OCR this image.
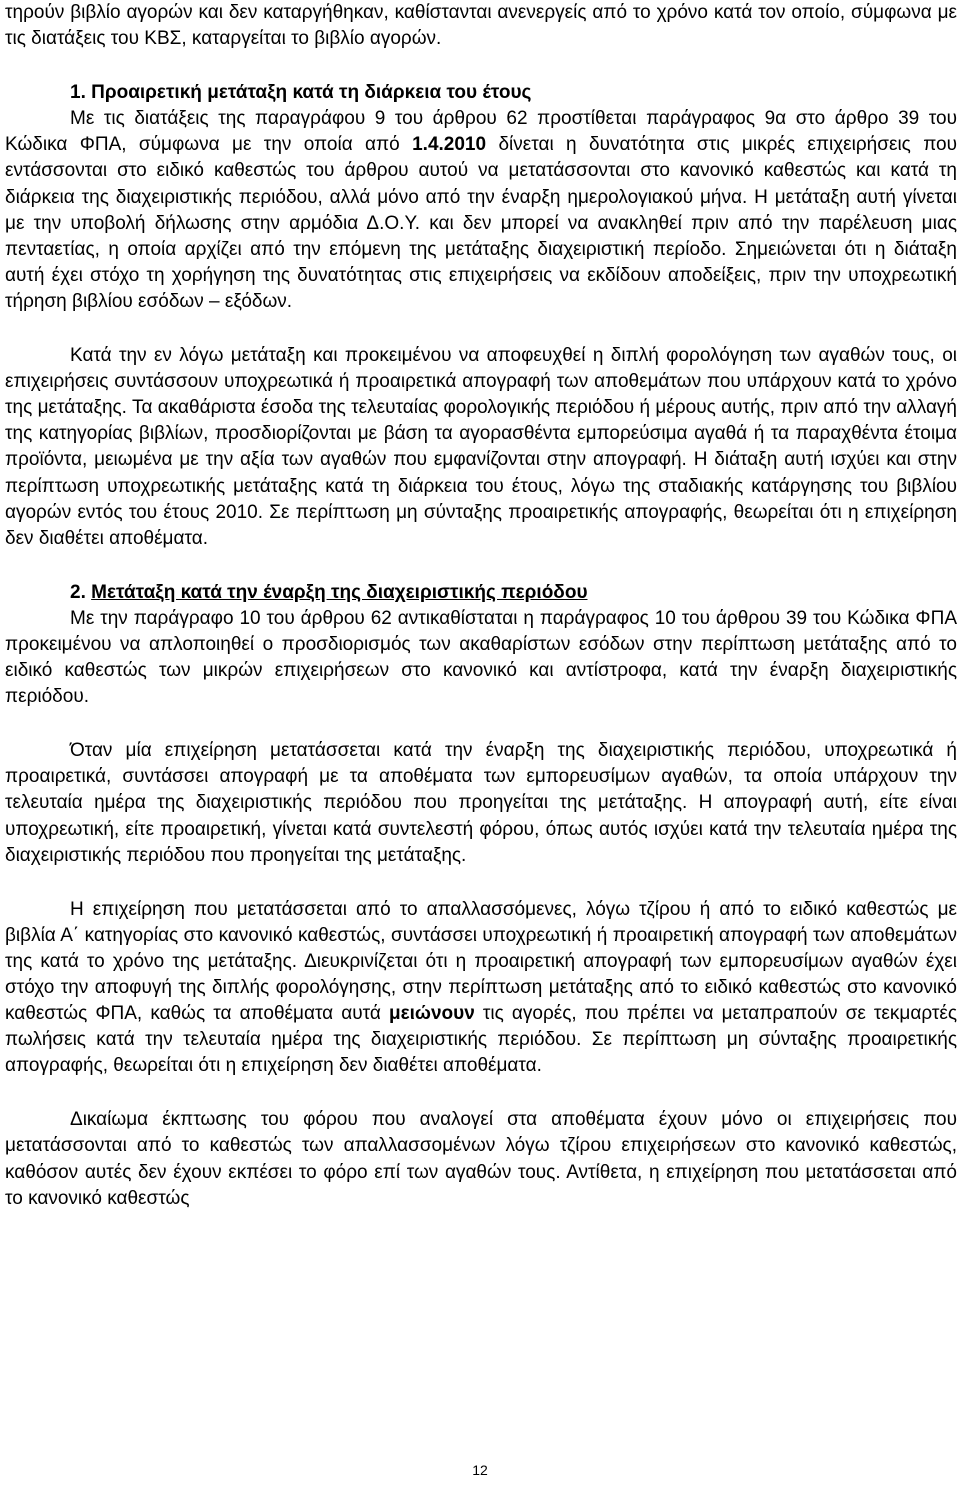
τηρούν βιβλίο αγορών και δεν καταργήθηκαν, καθίστανται ανενεργείς από το χρόνο κατά τον οποίο, σύμφωνα με τις διατάξεις του ΚΒΣ, καταργείται το βιβλίο αγορών.

1. Προαιρετική μετάταξη κατά τη διάρκεια του έτους

Με τις διατάξεις της παραγράφου 9 του άρθρου 62 προστίθεται παράγραφος 9α στο άρθρο 39 του Κώδικα ΦΠΑ, σύμφωνα με την οποία από 1.4.2010 δίνεται η δυνατότητα στις μικρές επιχειρήσεις που εντάσσονται στο ειδικό καθεστώς του άρθρου αυτού να μετατάσσονται στο κανονικό καθεστώς και κατά τη διάρκεια της διαχειριστικής περιόδου, αλλά μόνο από την έναρξη ημερολογιακού μήνα. Η μετάταξη αυτή γίνεται με την υποβολή δήλωσης στην αρμόδια Δ.Ο.Υ. και δεν μπορεί να ανακληθεί πριν από την παρέλευση μιας πενταετίας, η οποία αρχίζει από την επόμενη της μετάταξης διαχειριστική περίοδο. Σημειώνεται ότι η διάταξη αυτή έχει στόχο τη χορήγηση της δυνατότητας στις επιχειρήσεις να εκδίδουν αποδείξεις, πριν την υποχρεωτική τήρηση βιβλίου εσόδων – εξόδων.

Κατά την εν λόγω μετάταξη και προκειμένου να αποφευχθεί η διπλή φορολόγηση των αγαθών τους, οι επιχειρήσεις συντάσσουν υποχρεωτικά ή προαιρετικά απογραφή των αποθεμάτων που υπάρχουν κατά το χρόνο της μετάταξης. Τα ακαθάριστα έσοδα της τελευταίας φορολογικής περιόδου ή μέρους αυτής, πριν από την αλλαγή της κατηγορίας βιβλίων, προσδιορίζονται με βάση τα αγορασθέντα εμπορεύσιμα αγαθά ή τα παραχθέντα έτοιμα προϊόντα, μειωμένα με την αξία των αγαθών που εμφανίζονται στην απογραφή. Η διάταξη αυτή ισχύει και στην περίπτωση υποχρεωτικής μετάταξης κατά τη διάρκεια του έτους, λόγω της σταδιακής κατάργησης του βιβλίου αγορών εντός του έτους 2010. Σε περίπτωση μη σύνταξης προαιρετικής απογραφής, θεωρείται ότι η επιχείρηση δεν διαθέτει αποθέματα.

2. Μετάταξη κατά την έναρξη της διαχειριστικής περιόδου

Με την παράγραφο 10 του άρθρου 62 αντικαθίσταται η παράγραφος 10 του άρθρου 39 του Κώδικα ΦΠΑ προκειμένου να απλοποιηθεί ο προσδιορισμός των ακαθαρίστων εσόδων στην περίπτωση μετάταξης από το ειδικό καθεστώς των μικρών επιχειρήσεων στο κανονικό και αντίστροφα, κατά την έναρξη διαχειριστικής περιόδου.

Όταν μία επιχείρηση μετατάσσεται κατά την έναρξη της διαχειριστικής περιόδου, υποχρεωτικά ή προαιρετικά, συντάσσει απογραφή με τα αποθέματα των εμπορευσίμων αγαθών, τα οποία υπάρχουν την τελευταία ημέρα της διαχειριστικής περιόδου που προηγείται της μετάταξης. Η απογραφή αυτή, είτε είναι υποχρεωτική, είτε προαιρετική, γίνεται κατά συντελεστή φόρου, όπως αυτός ισχύει κατά την τελευταία ημέρα της διαχειριστικής περιόδου που προηγείται της μετάταξης.

Η επιχείρηση που μετατάσσεται από το απαλλασσόμενες, λόγω τζίρου ή από το ειδικό καθεστώς με βιβλία Α΄ κατηγορίας στο κανονικό καθεστώς, συντάσσει υποχρεωτική ή προαιρετική απογραφή των αποθεμάτων της κατά το χρόνο της μετάταξης. Διευκρινίζεται ότι η προαιρετική απογραφή των εμπορευσίμων αγαθών έχει στόχο την αποφυγή της διπλής φορολόγησης, στην περίπτωση μετάταξης από το ειδικό καθεστώς στο κανονικό καθεστώς ΦΠΑ, καθώς τα αποθέματα αυτά μειώνουν τις αγορές, που πρέπει να μεταπραπούν σε τεκμαρτές πωλήσεις κατά την τελευταία ημέρα της διαχειριστικής περιόδου. Σε περίπτωση μη σύνταξης προαιρετικής απογραφής, θεωρείται ότι η επιχείρηση δεν διαθέτει αποθέματα.

Δικαίωμα έκπτωσης του φόρου που αναλογεί στα αποθέματα έχουν μόνο οι επιχειρήσεις που μετατάσσονται από το καθεστώς των απαλλασσομένων λόγω τζίρου επιχειρήσεων στο κανονικό καθεστώς, καθόσον αυτές δεν έχουν εκπέσει το φόρο επί των αγαθών τους. Αντίθετα, η επιχείρηση που μετατάσσεται από το κανονικό καθεστώς

12
